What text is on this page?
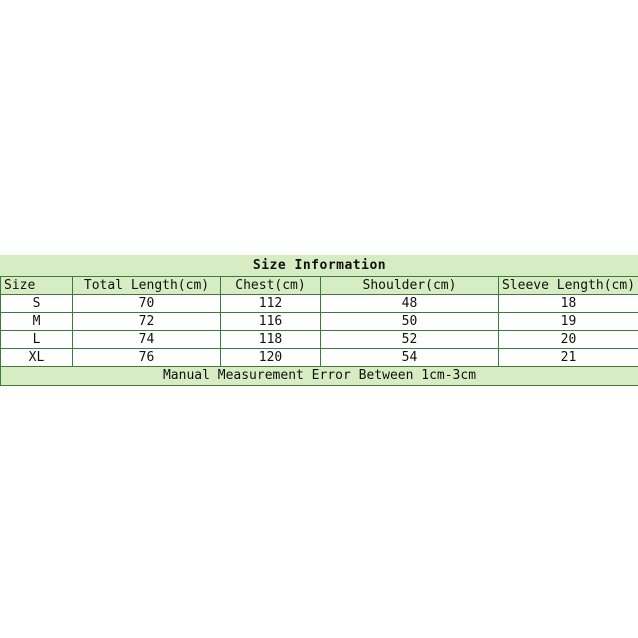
Size Information				
Size	Total Length(cm)	Chest(cm)	Shoulder(cm)	Sleeve Length(cm)
S	70	112	48	18
M	72	116	50	19
L	74	118	52	20
XL	76	120	54	21
Manual Measurement Error Between 1cm-3cm				
